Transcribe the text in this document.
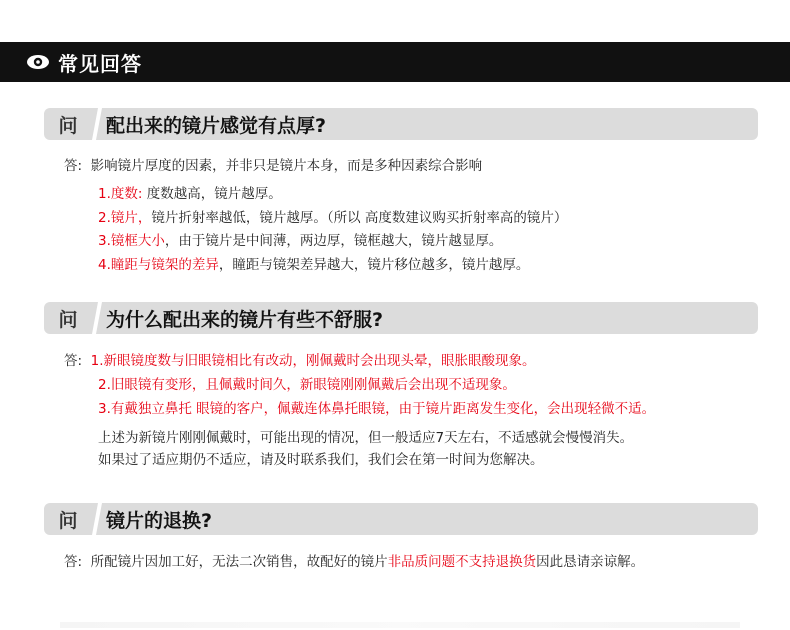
常见回答
问	配出来的镜片感觉有点厚?
答: 影响镜片厚度的因素，并非只是镜片本身，而是多种因素综合影响
1.度数: 度数越高，镜片越厚。
2.镜片，镜片折射率越低，镜片越厚。（所以 高度数建议购买折射率高的镜片）
3.镜框大小，由于镜片是中间薄，两边厚，镜框越大，镜片越显厚。
4.瞳距与镜架的差异，瞳距与镜架差异越大，镜片移位越多，镜片越厚。
问	为什么配出来的镜片有些不舒服?
答: 1.新眼镜度数与旧眼镜相比有改动，刚佩戴时会出现头晕，眼胀眼酸现象。
2.旧眼镜有变形，且佩戴时间久，新眼镜刚刚佩戴后会出现不适现象。
3.有戴独立鼻托 眼镜的客户，佩戴连体鼻托眼镜，由于镜片距离发生变化，会出现轻微不适。
上述为新镜片刚刚佩戴时，可能出现的情况，但一般适应7天左右，不适感就会慢慢消失。
如果过了适应期仍不适应，请及时联系我们，我们会在第一时间为您解决。
问	镜片的退换?
答: 所配镜片因加工好，无法二次销售，故配好的镜片非品质问题不支持退换货因此恳请亲谅解。
